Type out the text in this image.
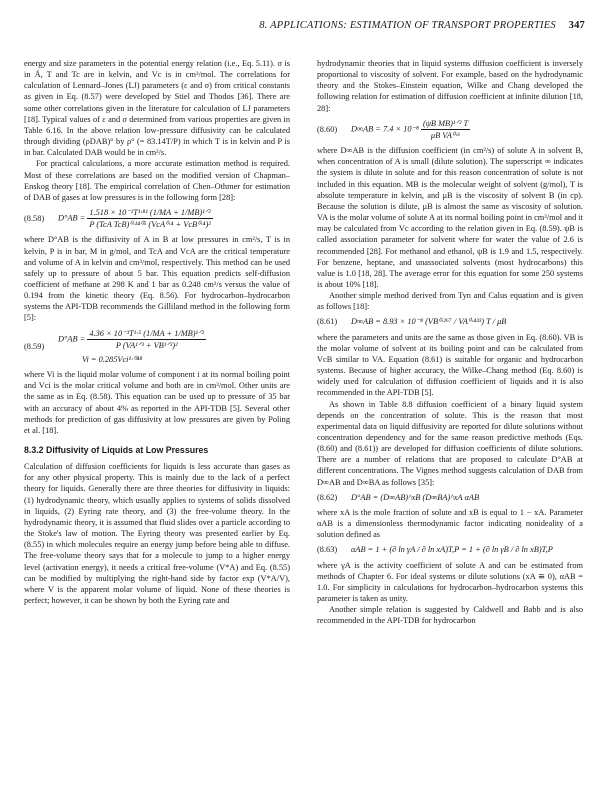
8. APPLICATIONS: ESTIMATION OF TRANSPORT PROPERTIES 347

energy and size parameters in the potential energy relation (i.e., Eq. 5.11). σ is in Å, T and Tc are in kelvin, and Vc is in cm³/mol. The correlations for calculation of Lennard–Jones (LJ) parameters (ε and σ) from critical constants as given in Eq. (8.57) were developed by Stiel and Thodos [36]. There are some other correlations given in the literature for calculation of LJ parameters [18]. Typical values of ε and σ determined from various properties are given in Table 6.16. In the above relation low-pressure diffusivity can be calculated through dividing (ρDAB)° by ρ° (= 83.14T/P) in which T is in kelvin and P is in bar. Calculated DAB would be in cm²/s.

For practical calculations, a more accurate estimation method is required. Most of these correlations are based on the modified version of Chapman–Enskog theory [18]. The empirical correlation of Chen–Othmer for estimation of DAB of gases at low pressures is in the following form [28]:

(8.58)	$D^\circ AB = \frac{\text{1.518 × 10⁻²T¹·⁸¹ (1/MA + 1/MB)¹ᐟ²}}{\text{P (TcA TcB)⁰·¹⁴⁰⁵ (VcA⁰·⁴ + VcB⁰·⁴)²}}$

where D°AB is the diffusivity of A in B at low pressures in cm²/s, T is in kelvin, P is in bar, M in g/mol, and TcA and VcA are the critical temperature and volume of A in kelvin and cm³/mol, respectively. This method can be used safely up to pressure of about 5 bar. This equation predicts self-diffusion coefficient of methane at 298 K and 1 bar as 0.248 cm²/s versus the value of 0.194 from the kinetic theory (Eq. 8.56). For hydrocarbon–hydrocarbon systems the API-TDB recommends the Gilliland method in the following form [5]:

(8.59)
$D^\circ AB = \frac{\text{4.36 × 10⁻³T¹·⁵ (1/MA + 1/MB)¹ᐟ²}}{\text{P (VA¹ᐟ³ + VB¹ᐟ³)²}}$
Vi = 0.285Vci¹·⁰⁴⁸

where Vi is the liquid molar volume of component i at its normal boiling point and Vci is the molar critical volume and both are in cm³/mol. Other units are the same as in Eq. (8.58). This equation can be used up to pressure of 35 bar with an accuracy of about 4% as reported in the API-TDB [5]. Several other methods for prediction of gas diffusivity at low pressures are given by Poling et al. [18].

8.3.2 Diffusivity of Liquids at Low Pressures

Calculation of diffusion coefficients for liquids is less accurate than gases as for any other physical property. This is mainly due to the lack of a perfect theory for liquids. Generally there are three theories for diffusivity in liquids: (1) hydrodynamic theory, which usually applies to systems of solids dissolved in liquids, (2) Eyring rate theory, and (3) the free-volume theory. In the hydrodynamic theory, it is assumed that fluid slides over a particle according to the Stoke's law of motion. The Eyring theory was presented earlier by Eq. (8.55) in which molecules require an energy jump before being able to diffuse. The free-volume theory says that for a molecule to jump to a higher energy level (activation energy), it needs a critical free-volume (V*A) and Eq. (8.55) can be modified by multiplying the right-hand side by factor exp (V*A/V), where V is the apparent molar volume of liquid. None of these theories is perfect; however, it can be shown by both the Eyring rate and

hydrodynamic theories that in liquid systems diffusion coefficient is inversely proportional to viscosity of solvent. For example, based on the hydrodynamic theory and the Stokes–Einstein equation, Wilke and Chang developed the following relation for estimation of diffusion coefficient at infinite dilution [18, 28]:

(8.60)	$D\infty AB = 7.4 \times 10^{-8} \frac{\text{(ψB MB)¹ᐟ² T}}{\text{μB VA⁰·⁶}}$

where D∞AB is the diffusion coefficient (in cm²/s) of solute A in solvent B, when concentration of A is small (dilute solution). The superscript ∞ indicates the system is dilute in solute and for this reason concentration of solute is not included in this equation. MB is the molecular weight of solvent (g/mol), T is absolute temperature in kelvin, and μB is the viscosity of solvent B (in cp). Because the solution is dilute, μB is almost the same as viscosity of solution. VA is the molar volume of solute A at its normal boiling point in cm³/mol and it may be calculated from Vc according to the relation given in Eq. (8.59). ψB is called association parameter for solvent where for water the value of 2.6 is recommended [28]. For methanol and ethanol, ψB is 1.9 and 1.5, respectively. For benzene, heptane, and unassociated solvents (most hydrocarbons) this value is 1.0 [18, 28]. The average error for this equation for some 250 systems is about 10% [18].

Another simple method derived from Tyn and Calus equation and is given as follows [18]:

(8.61)	D∞AB = 8.93 × 10⁻⁸ (VB⁰·²⁶⁷ / VA⁰·⁴³³) T / μB

where the parameters and units are the same as those given in Eq. (8.60). VB is the molar volume of solvent at its boiling point and can be calculated from VcB similar to VA. Equation (8.61) is suitable for organic and hydrocarbon systems. Because of higher accuracy, the Wilke–Chang method (Eq. 8.60) is widely used for calculation of diffusion coefficient of liquids and it is also recommended in the API-TDB [5].

As shown in Table 8.8 diffusion coefficient of a binary liquid system depends on the concentration of solute. This is the reason that most experimental data on liquid diffusivity are reported for dilute solutions without concentration dependency and for the same reason predictive methods (Eqs. (8.60) and (8.61)) are developed for diffusion coefficients of dilute solutions. There are a number of relations that are proposed to calculate D°AB at different concentrations. The Vignes method suggests calculation of DAB from D∞AB and D∞BA as follows [35]:

(8.62)	D°AB = (D∞AB)^xB (D∞BA)^xA αAB

where xA is the mole fraction of solute and xB is equal to 1 − xA. Parameter αAB is a dimensionless thermodynamic factor indicating nonideality of a solution defined as

(8.63)	αAB = 1 + (∂ ln γA / ∂ ln xA)T,P = 1 + (∂ ln γB / ∂ ln xB)T,P

where γA is the activity coefficient of solute A and can be estimated from methods of Chapter 6. For ideal systems or dilute solutions (xA ≅ 0), αAB = 1.0. For simplicity in calculations for hydrocarbon–hydrocarbon systems this parameter is taken as unity.

Another simple relation is suggested by Caldwell and Babb and is also recommended in the API-TDB for hydrocarbon
